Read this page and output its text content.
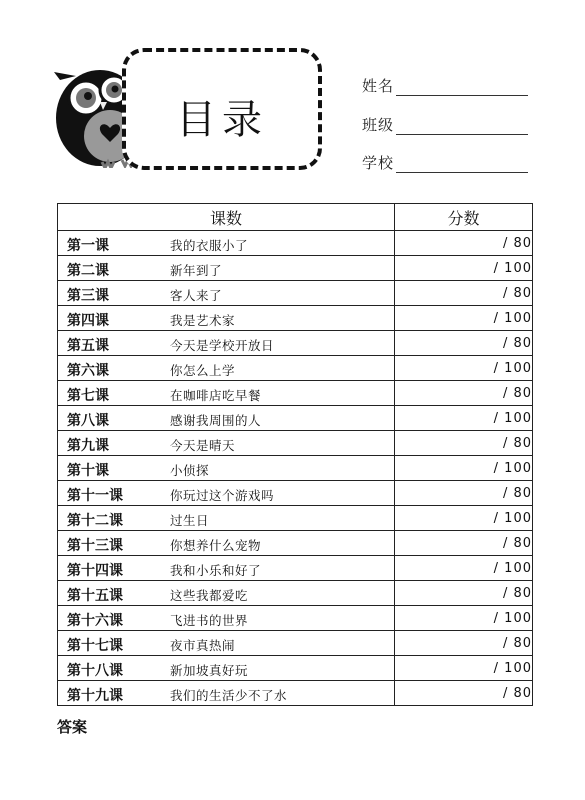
目录
姓名
班级
学校
课数	分数

第一课 我的衣服小了	/ 80

第二课 新年到了	/ 100

第三课 客人来了	/ 80

第四课 我是艺术家	/ 100

第五课 今天是学校开放日	/ 80

第六课 你怎么上学	/ 100

第七课 在咖啡店吃早餐	/ 80

第八课 感谢我周围的人	/ 100

第九课 今天是晴天	/ 80

第十课 小侦探	/ 100

第十一课 你玩过这个游戏吗	/ 80

第十二课 过生日	/ 100

第十三课 你想养什么宠物	/ 80

第十四课 我和小乐和好了	/ 100

第十五课 这些我都爱吃	/ 80

第十六课 飞进书的世界	/ 100

第十七课 夜市真热闹	/ 80

第十八课 新加坡真好玩	/ 100

第十九课 我们的生活少不了水	/ 80
答案
